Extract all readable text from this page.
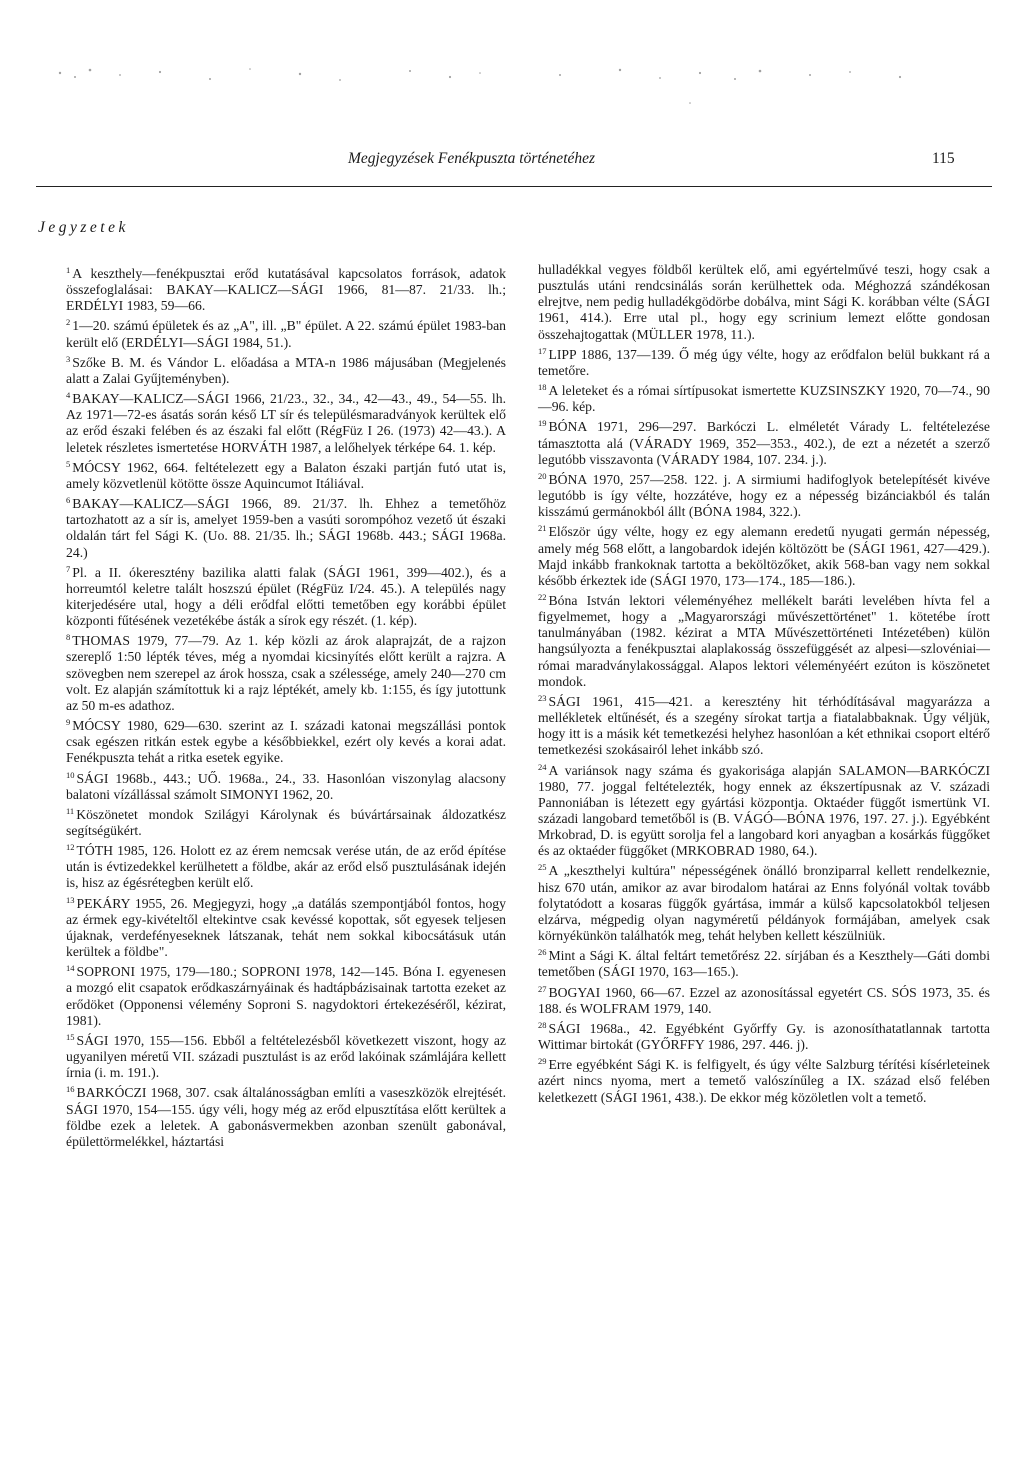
Megjegyzések Fenékpuszta történetéhez	115
Jegyzetek

$^1$ A keszthely—fenékpusztai erőd kutatásával kapcsolatos források, adatok összefoglalásai: BAKAY—KALICZ—SÁGI 1966, 81—87. 21/33. lh.; ERDÉLYI 1983, 59—66.

$^2$ 1—20. számú épületek és az „A", ill. „B" épület. A 22. számú épület 1983-ban került elő (ERDÉLYI—SÁGI 1984, 51.).

$^3$ Szőke B. M. és Vándor L. előadása a MTA-n 1986 májusában (Megjelenés alatt a Zalai Gyűjteményben).

$^4$ BAKAY—KALICZ—SÁGI 1966, 21/23., 32., 34., 42—43., 49., 54—55. lh. Az 1971—72-es ásatás során késő LT sír és településmaradványok kerültek elő az erőd északi felében és az északi fal előtt (RégFüz I 26. (1973) 42—43.). A leletek részletes ismertetése HORVÁTH 1987, a lelőhelyek térképe 64. 1. kép.

$^5$ MÓCSY 1962, 664. feltételezett egy a Balaton északi partján futó utat is, amely közvetlenül kötötte össze Aquincumot Itáliával.

$^6$ BAKAY—KALICZ—SÁGI 1966, 89. 21/37. lh. Ehhez a temetőhöz tartozhatott az a sír is, amelyet 1959-ben a vasúti sorompóhoz vezető út északi oldalán tárt fel Sági K. (Uo. 88. 21/35. lh.; SÁGI 1968b. 443.; SÁGI 1968a. 24.)

$^7$ Pl. a II. ókeresztény bazilika alatti falak (SÁGI 1961, 399—402.), és a horreumtól keletre talált hoszszú épület (RégFüz I/24. 45.). A település nagy kiterjedésére utal, hogy a déli erődfal előtti temetőben egy korábbi épület központi fűtésének vezetékébe ásták a sírok egy részét. (1. kép).

$^8$ THOMAS 1979, 77—79. Az 1. kép közli az árok alaprajzát, de a rajzon szereplő 1:50 lépték téves, még a nyomdai kicsinyítés előtt került a rajzra. A szövegben nem szerepel az árok hossza, csak a szélessége, amely 240—270 cm volt. Ez alapján számítottuk ki a rajz léptékét, amely kb. 1:155, és így jutottunk az 50 m-es adathoz.

$^9$ MÓCSY 1980, 629—630. szerint az I. századi katonai megszállási pontok csak egészen ritkán estek egybe a későbbiekkel, ezért oly kevés a korai adat. Fenékpuszta tehát a ritka esetek egyike.

$^{10}$ SÁGI 1968b., 443.; UŐ. 1968a., 24., 33. Hasonlóan viszonylag alacsony balatoni vízállással számolt SIMONYI 1962, 20.

$^{11}$ Köszönetet mondok Szilágyi Károlynak és búvártársainak áldozatkész segítségükért.

$^{12}$ TÓTH 1985, 126. Holott ez az érem nemcsak verése után, de az erőd építése után is évtizedekkel kerülhetett a földbe, akár az erőd első pusztulásának idején is, hisz az égésrétegben került elő.

$^{13}$ PEKÁRY 1955, 26. Megjegyzi, hogy „a datálás szempontjából fontos, hogy az érmek egy-kivételtől eltekintve csak kevéssé kopottak, sőt egyesek teljesen újaknak, verdefényeseknek látszanak, tehát nem sokkal kibocsátásuk után kerültek a földbe".

$^{14}$ SOPRONI 1975, 179—180.; SOPRONI 1978, 142—145. Bóna I. egyenesen a mozgó elit csapatok erődkaszárnyáinak és hadtápbázisainak tartotta ezeket az erődöket (Opponensi vélemény Soproni S. nagydoktori értekezéséről, kézirat, 1981).

$^{15}$ SÁGI 1970, 155—156. Ebből a feltételezésből következett viszont, hogy az ugyanilyen méretű VII. századi pusztulást is az erőd lakóinak számlájára kellett írnia (i. m. 191.).

$^{16}$ BARKÓCZI 1968, 307. csak általánosságban említi a vaseszközök elrejtését. SÁGI 1970, 154—155. úgy véli, hogy még az erőd elpusztítása előtt kerültek a földbe ezek a leletek. A gabonásvermekben azonban szenült gabonával, épülettörmelékkel, háztartási

hulladékkal vegyes földből kerültek elő, ami egyértelművé teszi, hogy csak a pusztulás utáni rendcsinálás során kerülhettek oda. Méghozzá szándékosan elrejtve, nem pedig hulladékgödörbe dobálva, mint Sági K. korábban vélte (SÁGI 1961, 414.). Erre utal pl., hogy egy scrinium lemezt előtte gondosan összehajtogattak (MÜLLER 1978, 11.).

$^{17}$ LIPP 1886, 137—139. Ő még úgy vélte, hogy az erődfalon belül bukkant rá a temetőre.

$^{18}$ A leleteket és a római sírtípusokat ismertette KUZSINSZKY 1920, 70—74., 90—96. kép.

$^{19}$ BÓNA 1971, 296—297. Barkóczi L. elméletét Várady L. feltételezése támasztotta alá (VÁRADY 1969, 352—353., 402.), de ezt a nézetét a szerző legutóbb visszavonta (VÁRADY 1984, 107. 234. j.).

$^{20}$ BÓNA 1970, 257—258. 122. j. A sirmiumi hadifoglyok betelepítését kivéve legutóbb is így vélte, hozzátéve, hogy ez a népesség bizánciakból és talán kisszámú germánokból állt (BÓNA 1984, 322.).

$^{21}$ Először úgy vélte, hogy ez egy alemann eredetű nyugati germán népesség, amely még 568 előtt, a langobardok idején költözött be (SÁGI 1961, 427—429.). Majd inkább frankoknak tartotta a beköltözőket, akik 568-ban vagy nem sokkal később érkeztek ide (SÁGI 1970, 173—174., 185—186.).

$^{22}$ Bóna István lektori véleményéhez mellékelt baráti levelében hívta fel a figyelmemet, hogy a „Magyarországi művészettörténet" 1. kötetébe írott tanulmányában (1982. kézirat a MTA Művészettörténeti Intézetében) külön hangsúlyozta a fenékpusztai alaplakosság összefüggését az alpesi—szlovéniai—római maradványlakossággal. Alapos lektori véleményéért ezúton is köszönetet mondok.

$^{23}$ SÁGI 1961, 415—421. a keresztény hit térhódításával magyarázza a mellékletek eltűnését, és a szegény sírokat tartja a fiatalabbaknak. Úgy véljük, hogy itt is a másik két temetkezési helyhez hasonlóan a két ethnikai csoport eltérő temetkezési szokásairól lehet inkább szó.

$^{24}$ A variánsok nagy száma és gyakorisága alapján SALAMON—BARKÓCZI 1980, 77. joggal feltételezték, hogy ennek az ékszertípusnak az V. századi Pannoniában is létezett egy gyártási központja. Oktaéder függőt ismertünk VI. századi langobard temetőből is (B. VÁGÓ—BÓNA 1976, 197. 27. j.). Egyébként Mrkobrad, D. is együtt sorolja fel a langobard kori anyagban a kosárkás függőket és az oktaéder függőket (MRKOBRAD 1980, 64.).

$^{25}$ A „keszthelyi kultúra" népességének önálló bronziparral kellett rendelkeznie, hisz 670 után, amikor az avar birodalom határai az Enns folyónál voltak tovább folytatódott a kosaras függők gyártása, immár a külső kapcsolatokból teljesen elzárva, mégpedig olyan nagyméretű példányok formájában, amelyek csak környékünkön találhatók meg, tehát helyben kellett készülniük.

$^{26}$ Mint a Sági K. által feltárt temetőrész 22. sírjában és a Keszthely—Gáti dombi temetőben (SÁGI 1970, 163—165.).

$^{27}$ BOGYAI 1960, 66—67. Ezzel az azonosítással egyetért CS. SÓS 1973, 35. és 188. és WOLFRAM 1979, 140.

$^{28}$ SÁGI 1968a., 42. Egyébként Győrffy Gy. is azonosíthatatlannak tartotta Wittimar birtokát (GYŐRFFY 1986, 297. 446. j).

$^{29}$ Erre egyébként Sági K. is felfigyelt, és úgy vélte Salzburg térítési kísérleteinek azért nincs nyoma, mert a temető valószínűleg a IX. század első felében keletkezett (SÁGI 1961, 438.). De ekkor még közöletlen volt a temető.
